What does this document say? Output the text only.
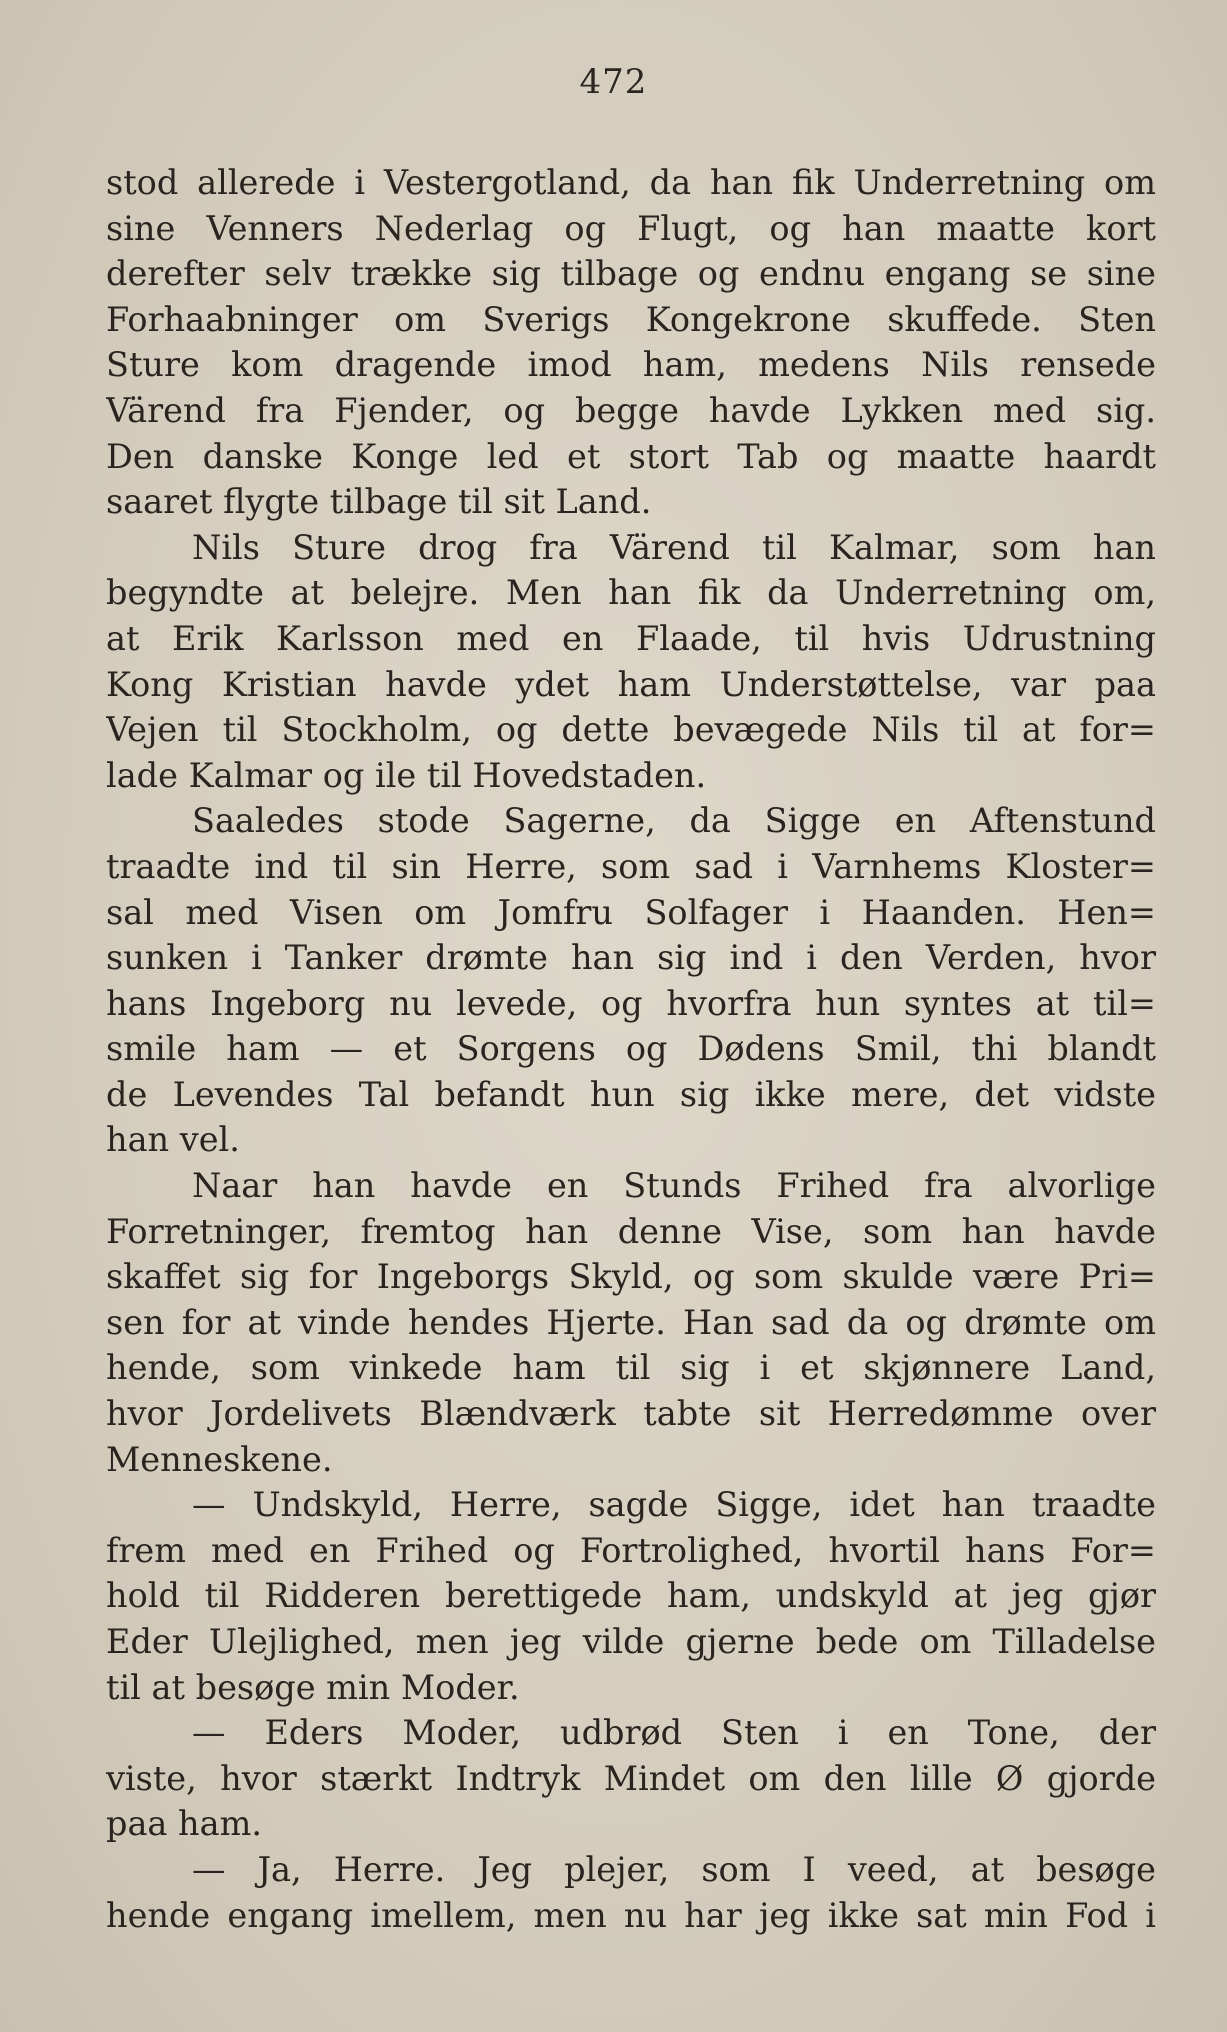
472
stod allerede i Vestergotland, da han fik Underretning om
sine Venners Nederlag og Flugt, og han maatte kort
derefter selv trække sig tilbage og endnu engang se sine
Forhaabninger om Sverigs Kongekrone skuffede. Sten
Sture kom dragende imod ham, medens Nils rensede
Värend fra Fjender, og begge havde Lykken med sig.
Den danske Konge led et stort Tab og maatte haardt
saaret flygte tilbage til sit Land.
Nils Sture drog fra Värend til Kalmar, som han
begyndte at belejre. Men han fik da Underretning om,
at Erik Karlsson med en Flaade, til hvis Udrustning
Kong Kristian havde ydet ham Understøttelse, var paa
Vejen til Stockholm, og dette bevægede Nils til at for=
lade Kalmar og ile til Hovedstaden.
Saaledes stode Sagerne, da Sigge en Aftenstund
traadte ind til sin Herre, som sad i Varnhems Kloster=
sal med Visen om Jomfru Solfager i Haanden. Hen=
sunken i Tanker drømte han sig ind i den Verden, hvor
hans Ingeborg nu levede, og hvorfra hun syntes at til=
smile ham — et Sorgens og Dødens Smil, thi blandt
de Levendes Tal befandt hun sig ikke mere, det vidste
han vel.
Naar han havde en Stunds Frihed fra alvorlige
Forretninger, fremtog han denne Vise, som han havde
skaffet sig for Ingeborgs Skyld, og som skulde være Pri=
sen for at vinde hendes Hjerte. Han sad da og drømte om
hende, som vinkede ham til sig i et skjønnere Land,
hvor Jordelivets Blændværk tabte sit Herredømme over
Menneskene.
— Undskyld, Herre, sagde Sigge, idet han traadte
frem med en Frihed og Fortrolighed, hvortil hans For=
hold til Ridderen berettigede ham, undskyld at jeg gjør
Eder Ulejlighed, men jeg vilde gjerne bede om Tilladelse
til at besøge min Moder.
— Eders Moder, udbrød Sten i en Tone, der
viste, hvor stærkt Indtryk Mindet om den lille Ø gjorde
paa ham.
— Ja, Herre. Jeg plejer, som I veed, at besøge
hende engang imellem, men nu har jeg ikke sat min Fod i
